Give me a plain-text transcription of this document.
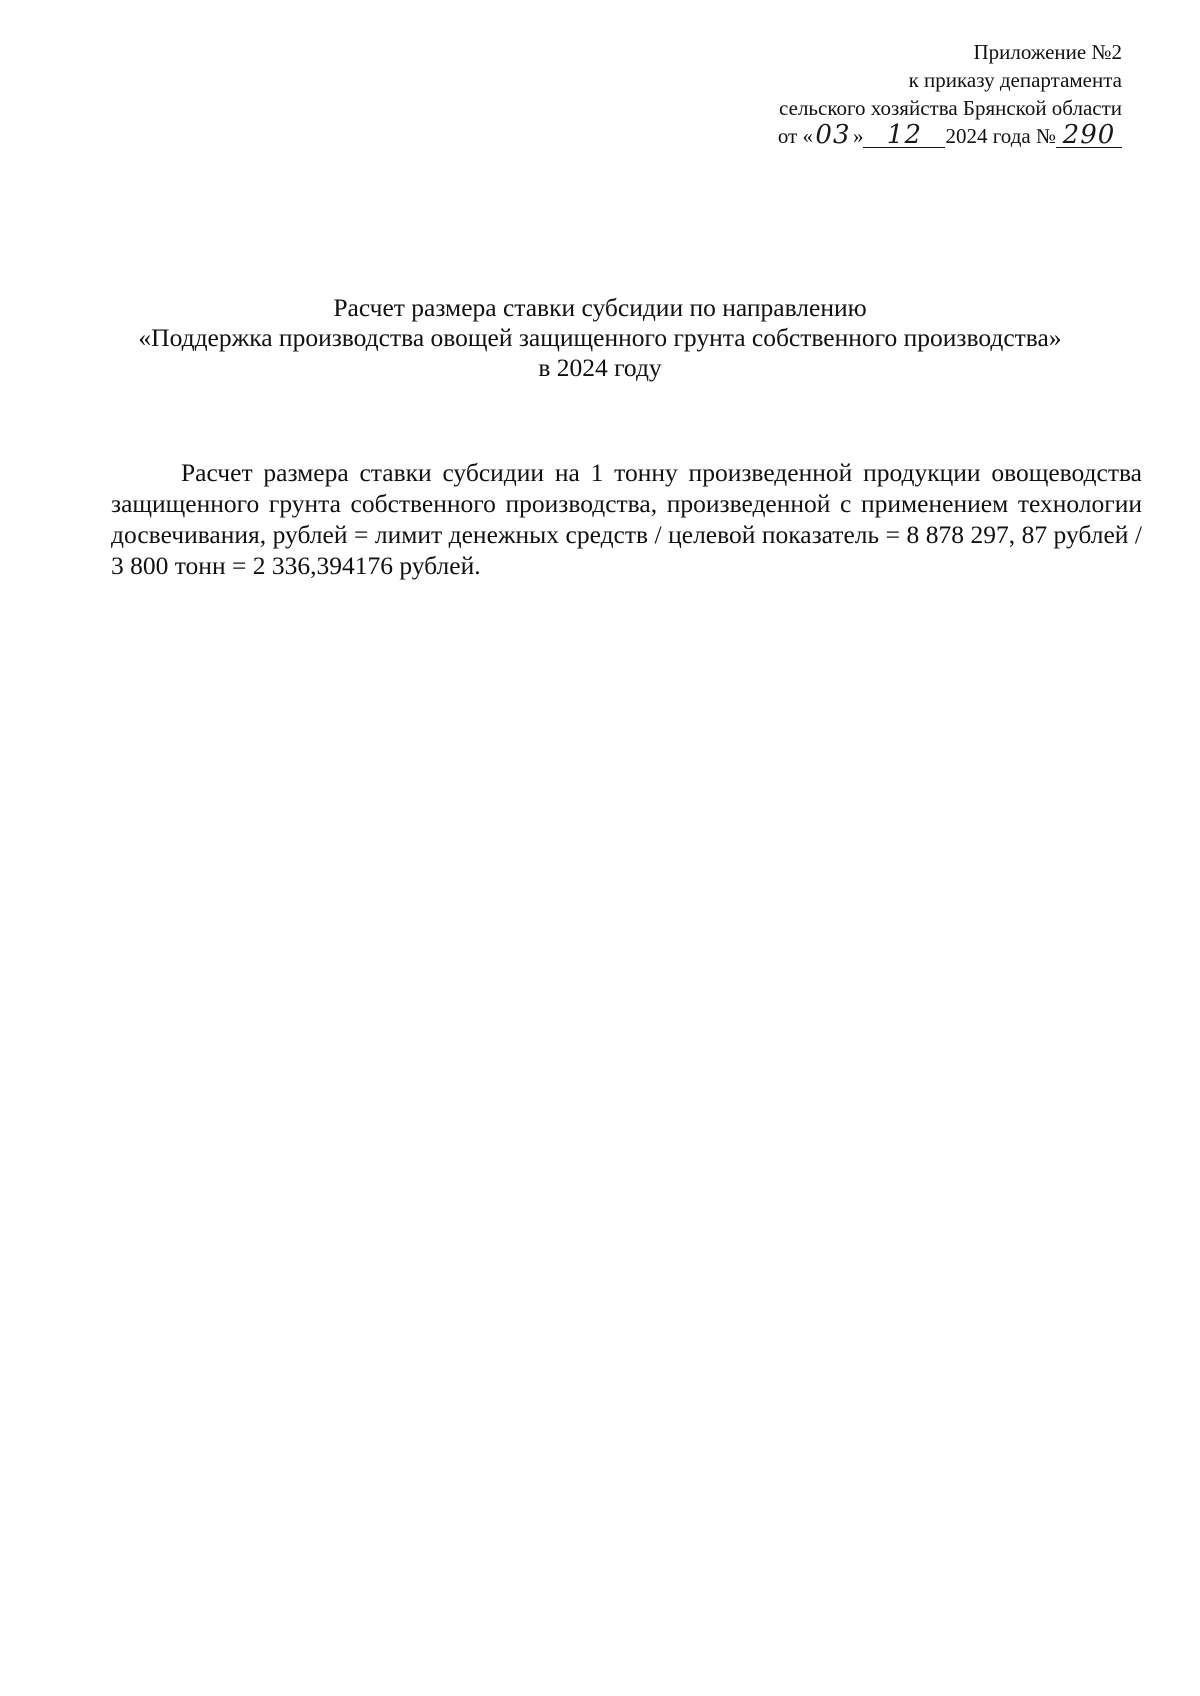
Приложение №2
к приказу департамента
сельского хозяйства Брянской области
от «03 » 12 2024 года № 290
Расчет размера ставки субсидии по направлению
«Поддержка производства овощей защищенного грунта собственного производства»
в 2024 году
Расчет размера ставки субсидии на 1 тонну произведенной продукции овощеводства защищенного грунта собственного производства, произведенной с применением технологии досвечивания, рублей = лимит денежных средств / целевой показатель = 8 878 297, 87 рублей / 3 800 тонн = 2 336,394176 рублей.
